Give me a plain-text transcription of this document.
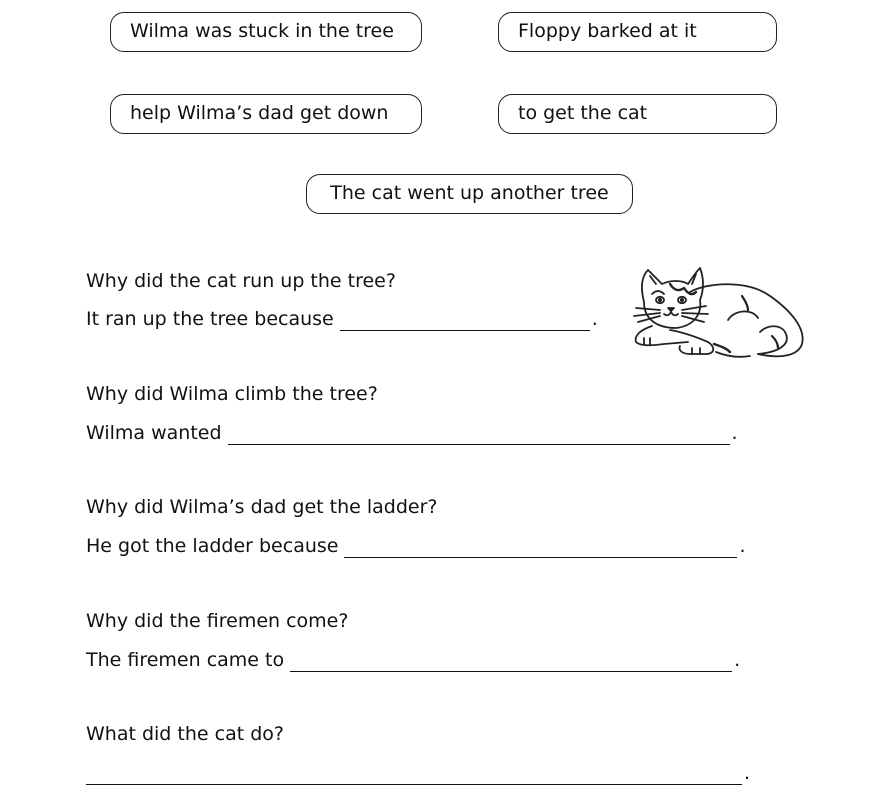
Wilma was stuck in the tree	Floppy barked at it
help Wilma’s dad get down	to get the cat
The cat went up another tree
Why did the cat run up the tree?
It ran up the tree because	.
Why did Wilma climb the tree?
Wilma wanted	.
Why did Wilma’s dad get the ladder?
He got the ladder because	.
Why did the firemen come?
The firemen came to	.
What did the cat do?
.
